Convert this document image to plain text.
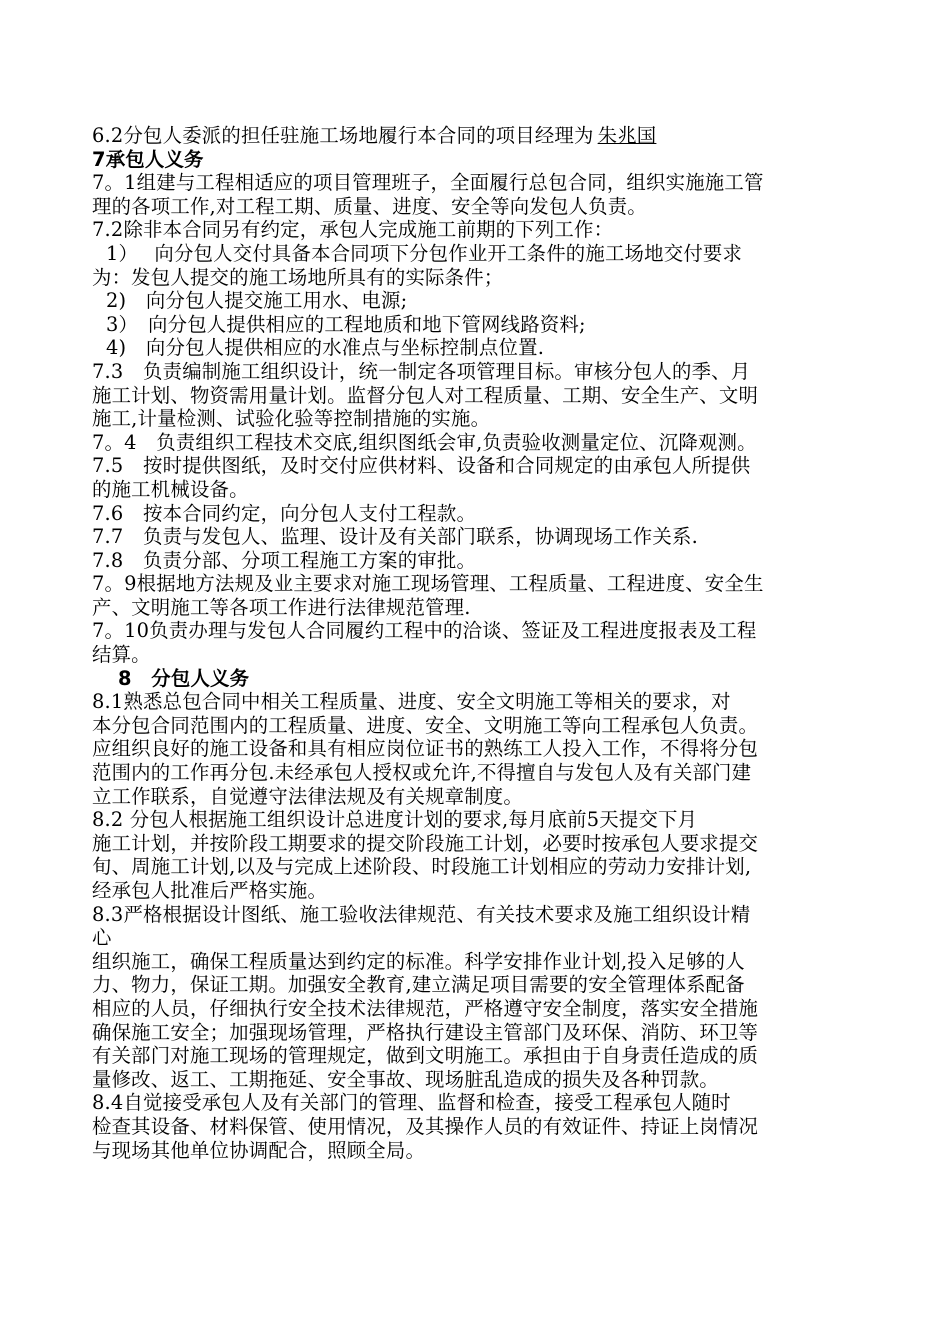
6.2分包人委派的担任驻施工场地履行本合同的项目经理为 朱兆国
7承包人义务
7。1组建与工程相适应的项目管理班子，全面履行总包合同，组织实施施工管
理的各项工作,对工程工期、质量、进度、安全等向发包人负责。
7.2除非本合同另有约定，承包人完成施工前期的下列工作：
1）　 向分包人交付具备本合同项下分包作业开工条件的施工场地交付要求
为：发包人提交的施工场地所具有的实际条件；
2)　向分包人提交施工用水、电源;
3）　向分包人提供相应的工程地质和地下管网线路资料;
4)　向分包人提供相应的水准点与坐标控制点位置.
7.3　负责编制施工组织设计，统一制定各项管理目标。审核分包人的季、月
施工计划、物资需用量计划。监督分包人对工程质量、工期、安全生产、文明
施工,计量检测、试验化验等控制措施的实施。
7。4　负责组织工程技术交底,组织图纸会审,负责验收测量定位、沉降观测。
7.5　按时提供图纸，及时交付应供材料、设备和合同规定的由承包人所提供
的施工机械设备。
7.6　按本合同约定，向分包人支付工程款。
7.7　负责与发包人、监理、设计及有关部门联系，协调现场工作关系.
7.8　负责分部、分项工程施工方案的审批。
7。9根据地方法规及业主要求对施工现场管理、工程质量、工程进度、安全生
产、文明施工等各项工作进行法律规范管理.
7。10负责办理与发包人合同履约工程中的洽谈、签证及工程进度报表及工程
结算。
8　分包人义务
8.1熟悉总包合同中相关工程质量、进度、安全文明施工等相关的要求，对
本分包合同范围内的工程质量、进度、安全、文明施工等向工程承包人负责。
应组织良好的施工设备和具有相应岗位证书的熟练工人投入工作，不得将分包
范围内的工作再分包.未经承包人授权或允许,不得擅自与发包人及有关部门建
立工作联系，自觉遵守法律法规及有关规章制度。
8.2 分包人根据施工组织设计总进度计划的要求,每月底前5天提交下月
施工计划，并按阶段工期要求的提交阶段施工计划，必要时按承包人要求提交
旬、周施工计划,以及与完成上述阶段、时段施工计划相应的劳动力安排计划,
经承包人批准后严格实施。
8.3严格根据设计图纸、施工验收法律规范、有关技术要求及施工组织设计精
心
组织施工，确保工程质量达到约定的标准。科学安排作业计划,投入足够的人
力、物力，保证工期。加强安全教育,建立满足项目需要的安全管理体系配备
相应的人员，仔细执行安全技术法律规范，严格遵守安全制度，落实安全措施
确保施工安全；加强现场管理，严格执行建设主管部门及环保、消防、环卫等
有关部门对施工现场的管理规定，做到文明施工。承担由于自身责任造成的质
量修改、返工、工期拖延、安全事故、现场脏乱造成的损失及各种罚款。
8.4自觉接受承包人及有关部门的管理、监督和检查，接受工程承包人随时
检查其设备、材料保管、使用情况，及其操作人员的有效证件、持证上岗情况
与现场其他单位协调配合，照顾全局。
